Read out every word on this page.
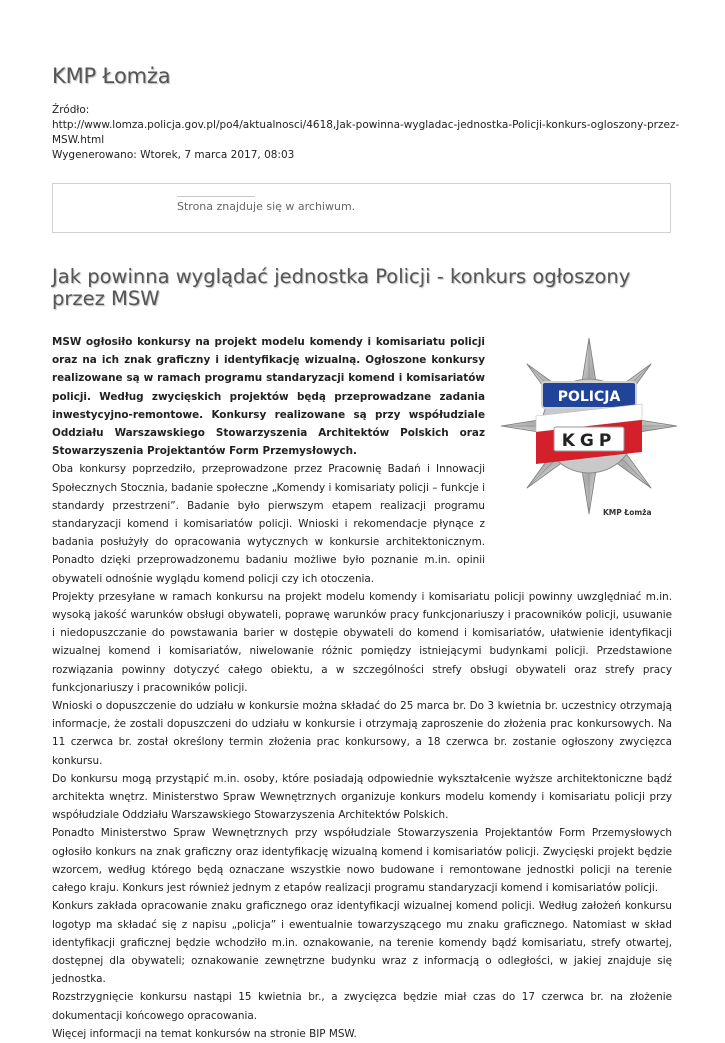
KMP Łomża
Źródło:
http://www.lomza.policja.gov.pl/po4/aktualnosci/4618,Jak-powinna-wygladac-jednostka-Policji-konkurs-ogloszony-przez-MSW.html
Wygenerowano: Wtorek, 7 marca 2017, 08:03
Strona znajduje się w archiwum.
Jak powinna wyglądać jednostka Policji - konkurs ogłoszony przez MSW
POLICJA
KGP
KMP Łomża

MSW ogłosiło konkursy na projekt modelu komendy i komisariatu policji oraz na ich znak graficzny i identyfikację wizualną. Ogłoszone konkursy realizowane są w ramach programu standaryzacji komend i komisariatów policji. Według zwycięskich projektów będą przeprowadzane zadania inwestycyjno-remontowe. Konkursy realizowane są przy współudziale Oddziału Warszawskiego Stowarzyszenia Architektów Polskich oraz Stowarzyszenia Projektantów Form Przemysłowych.

Oba konkursy poprzedziło, przeprowadzone przez Pracownię Badań i Innowacji Społecznych Stocznia, badanie społeczne „Komendy i komisariaty policji – funkcje i standardy przestrzeni”. Badanie było pierwszym etapem realizacji programu standaryzacji komend i komisariatów policji. Wnioski i rekomendacje płynące z badania posłużyły do opracowania wytycznych w konkursie architektonicznym. Ponadto dzięki przeprowadzonemu badaniu możliwe było poznanie m.in. opinii obywateli odnośnie wyglądu komend policji czy ich otoczenia.

Projekty przesyłane w ramach konkursu na projekt modelu komendy i komisariatu policji powinny uwzględniać m.in. wysoką jakość warunków obsługi obywateli, poprawę warunków pracy funkcjonariuszy i pracowników policji, usuwanie i niedopuszczanie do powstawania barier w dostępie obywateli do komend i komisariatów, ułatwienie identyfikacji wizualnej komend i komisariatów, niwelowanie różnic pomiędzy istniejącymi budynkami policji. Przedstawione rozwiązania powinny dotyczyć całego obiektu, a w szczególności strefy obsługi obywateli oraz strefy pracy funkcjonariuszy i pracowników policji.

Wnioski o dopuszczenie do udziału w konkursie można składać do 25 marca br. Do 3 kwietnia br. uczestnicy otrzymają informacje, że zostali dopuszczeni do udziału w konkursie i otrzymają zaproszenie do złożenia prac konkursowych. Na 11 czerwca br. został określony termin złożenia prac konkursowy, a 18 czerwca br. zostanie ogłoszony zwycięzca konkursu.

Do konkursu mogą przystąpić m.in. osoby, które posiadają odpowiednie wykształcenie wyższe architektoniczne bądź architekta wnętrz. Ministerstwo Spraw Wewnętrznych organizuje konkurs modelu komendy i komisariatu policji przy współudziale Oddziału Warszawskiego Stowarzyszenia Architektów Polskich.

Ponadto Ministerstwo Spraw Wewnętrznych przy współudziale Stowarzyszenia Projektantów Form Przemysłowych ogłosiło konkurs na znak graficzny oraz identyfikację wizualną komend i komisariatów policji. Zwycięski projekt będzie wzorcem, według którego będą oznaczane wszystkie nowo budowane i remontowane jednostki policji na terenie całego kraju. Konkurs jest również jednym z etapów realizacji programu standaryzacji komend i komisariatów policji.

Konkurs zakłada opracowanie znaku graficznego oraz identyfikacji wizualnej komend policji. Według założeń konkursu logotyp ma składać się z napisu „policja” i ewentualnie towarzyszącego mu znaku graficznego. Natomiast w skład identyfikacji graficznej będzie wchodziło m.in. oznakowanie, na terenie komendy bądź komisariatu, strefy otwartej, dostępnej dla obywateli; oznakowanie zewnętrzne budynku wraz z informacją o odległości, w jakiej znajduje się jednostka.

Rozstrzygnięcie konkursu nastąpi 15 kwietnia br., a zwycięzca będzie miał czas do 17 czerwca br. na złożenie dokumentacji końcowego opracowania.

Więcej informacji na temat konkursów na stronie BIP MSW.
